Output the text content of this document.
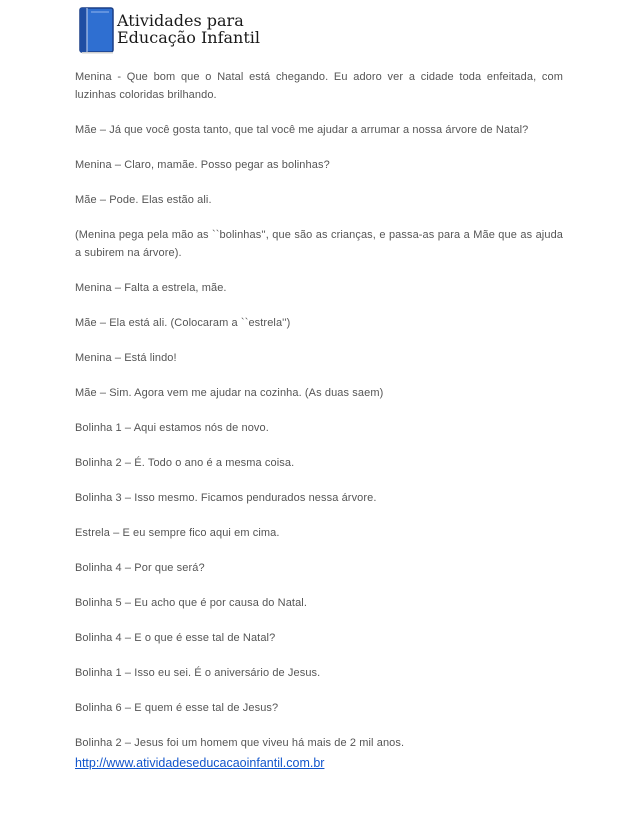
Atividades para
Educação Infantil

Menina - Que bom que o Natal está chegando. Eu adoro ver a cidade toda enfeitada, com luzinhas coloridas brilhando.

Mãe – Já que você gosta tanto, que tal você me ajudar a arrumar a nossa árvore de Natal?

Menina – Claro, mamãe. Posso pegar as bolinhas?

Mãe – Pode. Elas estão ali.

(Menina pega pela mão as ``bolinhas'', que são as crianças, e passa-as para a Mãe que as ajuda a subirem na árvore).

Menina – Falta a estrela, mãe.

Mãe – Ela está ali. (Colocaram a ``estrela'')

Menina – Está lindo!

Mãe – Sim. Agora vem me ajudar na cozinha. (As duas saem)

Bolinha 1 – Aqui estamos nós de novo.

Bolinha 2 – É. Todo o ano é a mesma coisa.

Bolinha 3 – Isso mesmo. Ficamos pendurados nessa árvore.

Estrela – E eu sempre fico aqui em cima.

Bolinha 4 – Por que será?

Bolinha 5 – Eu acho que é por causa do Natal.

Bolinha 4 – E o que é esse tal de Natal?

Bolinha 1 – Isso eu sei. É o aniversário de Jesus.

Bolinha 6 – E quem é esse tal de Jesus?

Bolinha 2 – Jesus foi um homem que viveu há mais de 2 mil anos.

http://www.atividadeseducacaoinfantil.com.br
